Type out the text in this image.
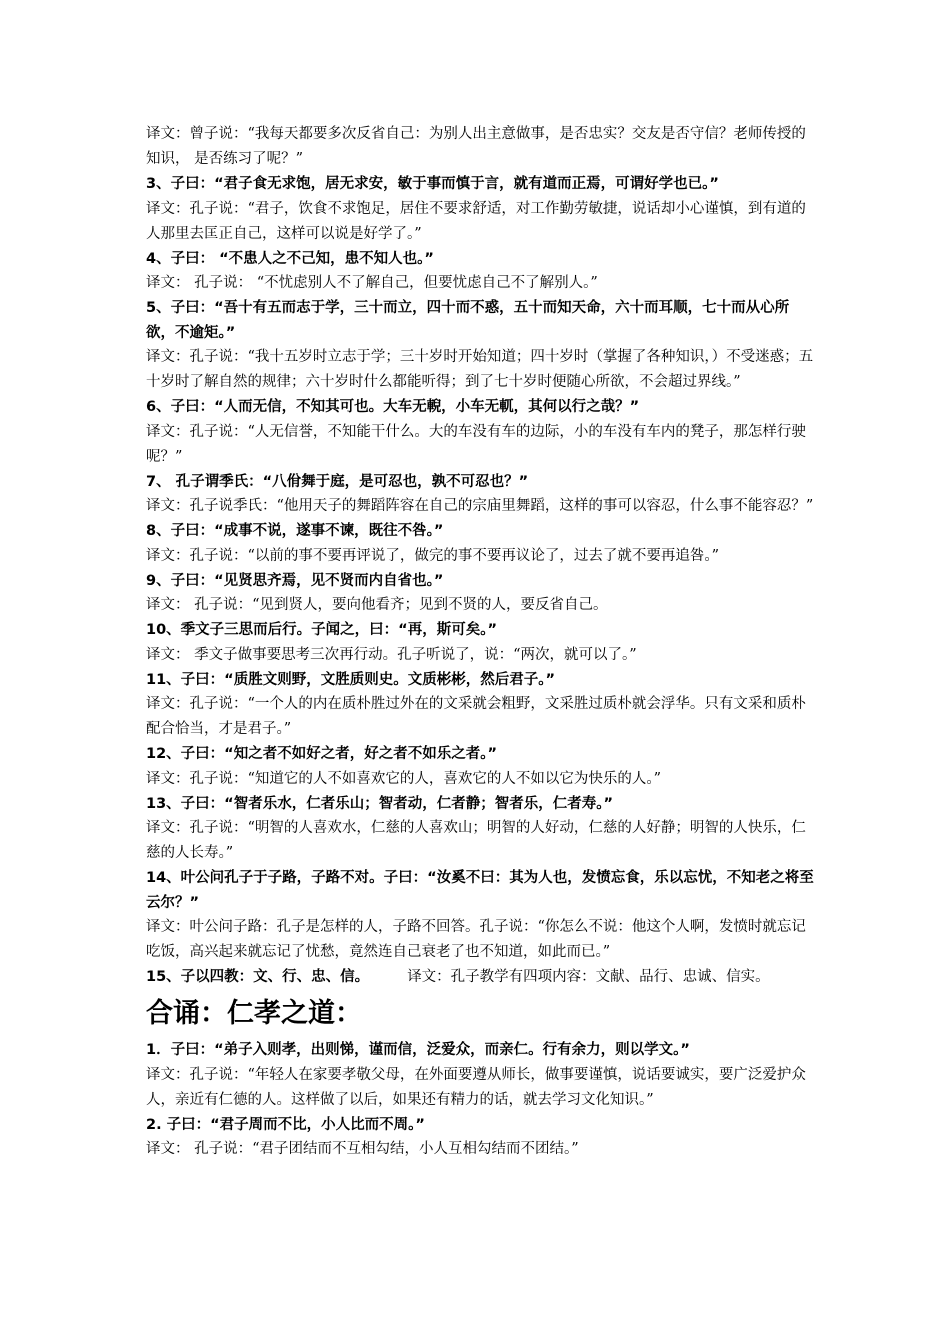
译文：曾子说：“我每天都要多次反省自己：为别人出主意做事，是否忠实？交友是否守信？老师传授的知识， 是否练习了呢？”

3、子曰：“君子食无求饱，居无求安，敏于事而慎于言，就有道而正焉，可谓好学也已。”

译文：孔子说：“君子，饮食不求饱足，居住不要求舒适，对工作勤劳敏捷，说话却小心谨慎，到有道的人那里去匡正自己，这样可以说是好学了。”

4、子曰： “不患人之不己知，患不知人也。”

译文： 孔子说： “不忧虑别人不了解自己，但要忧虑自己不了解别人。”

5、子曰：“吾十有五而志于学，三十而立，四十而不惑，五十而知天命，六十而耳顺，七十而从心所欲，不逾矩。”

译文：孔子说：“我十五岁时立志于学；三十岁时开始知道；四十岁时（掌握了各种知识，）不受迷惑；五十岁时了解自然的规律；六十岁时什么都能听得；到了七十岁时便随心所欲，不会超过界线。”

6、子曰：“人而无信，不知其可也。大车无輗，小车无軏，其何以行之哉？”

译文：孔子说：“人无信誉，不知能干什么。大的车没有车的边际，小的车没有车内的凳子，那怎样行驶呢？”

7、 孔子谓季氏：“八佾舞于庭，是可忍也，孰不可忍也？”

译文：孔子说季氏：“他用天子的舞蹈阵容在自己的宗庙里舞蹈，这样的事可以容忍，什么事不能容忍？”

8、子曰：“成事不说，遂事不谏，既往不咎。”

译文：孔子说：“以前的事不要再评说了，做完的事不要再议论了，过去了就不要再追咎。”

9、子曰：“见贤思齐焉，见不贤而内自省也。”

译文： 孔子说：“见到贤人，要向他看齐；见到不贤的人，要反省自己。

10、季文子三思而后行。子闻之，曰：“再，斯可矣。”

译文： 季文子做事要思考三次再行动。孔子听说了，说：“两次，就可以了。”

11、子曰：“质胜文则野，文胜质则史。文质彬彬，然后君子。”

译文：孔子说：“一个人的内在质朴胜过外在的文采就会粗野，文采胜过质朴就会浮华。只有文采和质朴配合恰当，才是君子。”

12、子曰：“知之者不如好之者，好之者不如乐之者。”

译文：孔子说：“知道它的人不如喜欢它的人，喜欢它的人不如以它为快乐的人。”

13、子曰：“智者乐水，仁者乐山；智者动，仁者静；智者乐，仁者寿。”

译文：孔子说：“明智的人喜欢水，仁慈的人喜欢山；明智的人好动，仁慈的人好静；明智的人快乐，仁慈的人长寿。”

14、叶公问孔子于子路，子路不对。子曰：“汝奚不曰：其为人也，发愤忘食，乐以忘忧，不知老之将至云尔？”

译文：叶公问子路：孔子是怎样的人，子路不回答。孔子说：“你怎么不说：他这个人啊，发愤时就忘记吃饭，高兴起来就忘记了忧愁，竟然连自己衰老了也不知道，如此而已。”

15、子以四教：文、行、忠、信。	译文：孔子教学有四项内容：文献、品行、忠诚、信实。

合诵：仁孝之道：

1．子曰：“弟子入则孝，出则悌，谨而信，泛爱众，而亲仁。行有余力，则以学文。”

译文：孔子说：“年轻人在家要孝敬父母，在外面要遵从师长，做事要谨慎，说话要诚实，要广泛爱护众人，亲近有仁德的人。这样做了以后，如果还有精力的话，就去学习文化知识。”

2. 子曰：“君子周而不比，小人比而不周。”

译文： 孔子说：“君子团结而不互相勾结，小人互相勾结而不团结。”
